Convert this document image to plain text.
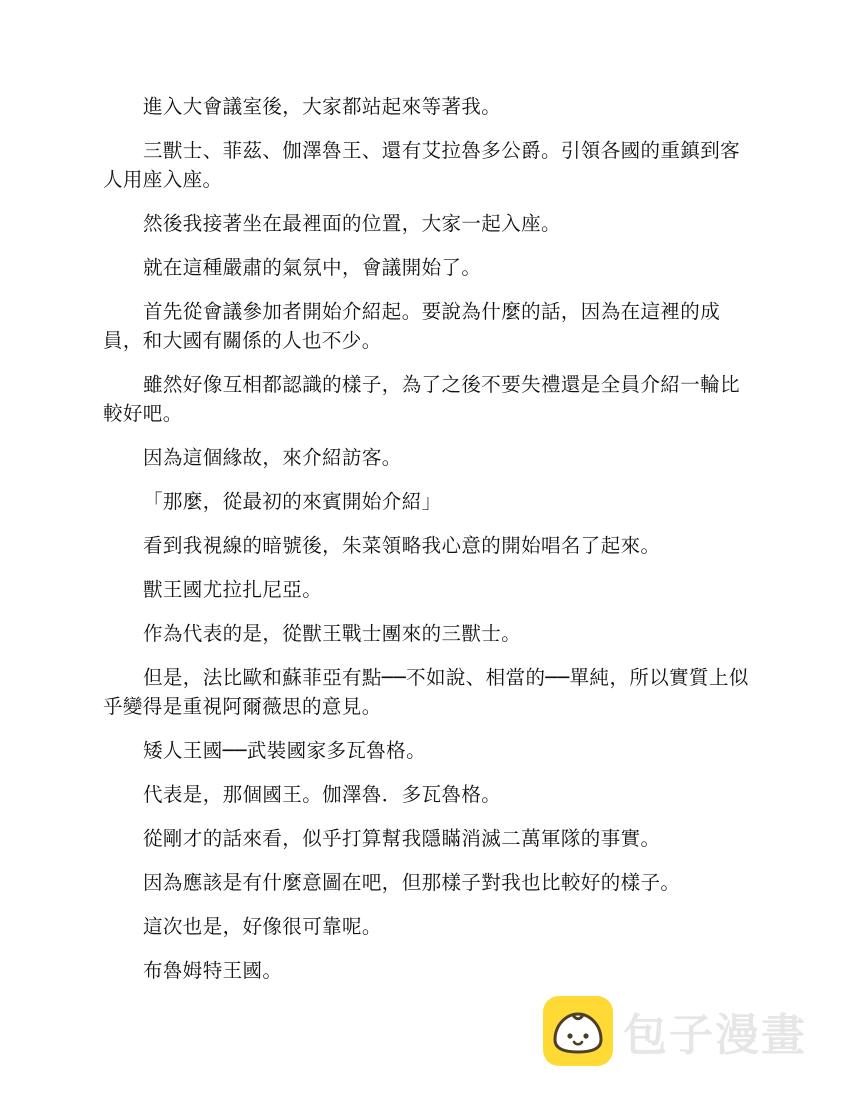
進入大會議室後，大家都站起來等著我。

三獸士、菲茲、伽澤魯王、還有艾拉魯多公爵。引領各國的重鎮到客人用座入座。

然後我接著坐在最裡面的位置，大家一起入座。

就在這種嚴肅的氣氛中，會議開始了。

首先從會議參加者開始介紹起。要說為什麼的話，因為在這裡的成員，和大國有關係的人也不少。

雖然好像互相都認識的樣子，為了之後不要失禮還是全員介紹一輪比較好吧。

因為這個緣故，來介紹訪客。

「那麼，從最初的來賓開始介紹」

看到我視線的暗號後，朱菜領略我心意的開始唱名了起來。

獸王國尤拉扎尼亞。

作為代表的是，從獸王戰士團來的三獸士。

但是，法比歐和蘇菲亞有點──不如說、相當的──單純，所以實質上似乎變得是重視阿爾薇思的意見。

矮人王國──武裝國家多瓦魯格。

代表是，那個國王。伽澤魯．多瓦魯格。

從剛才的話來看，似乎打算幫我隱瞞消滅二萬軍隊的事實。

因為應該是有什麼意圖在吧，但那樣子對我也比較好的樣子。

這次也是，好像很可靠呢。

布魯姆特王國。

包子漫畫
